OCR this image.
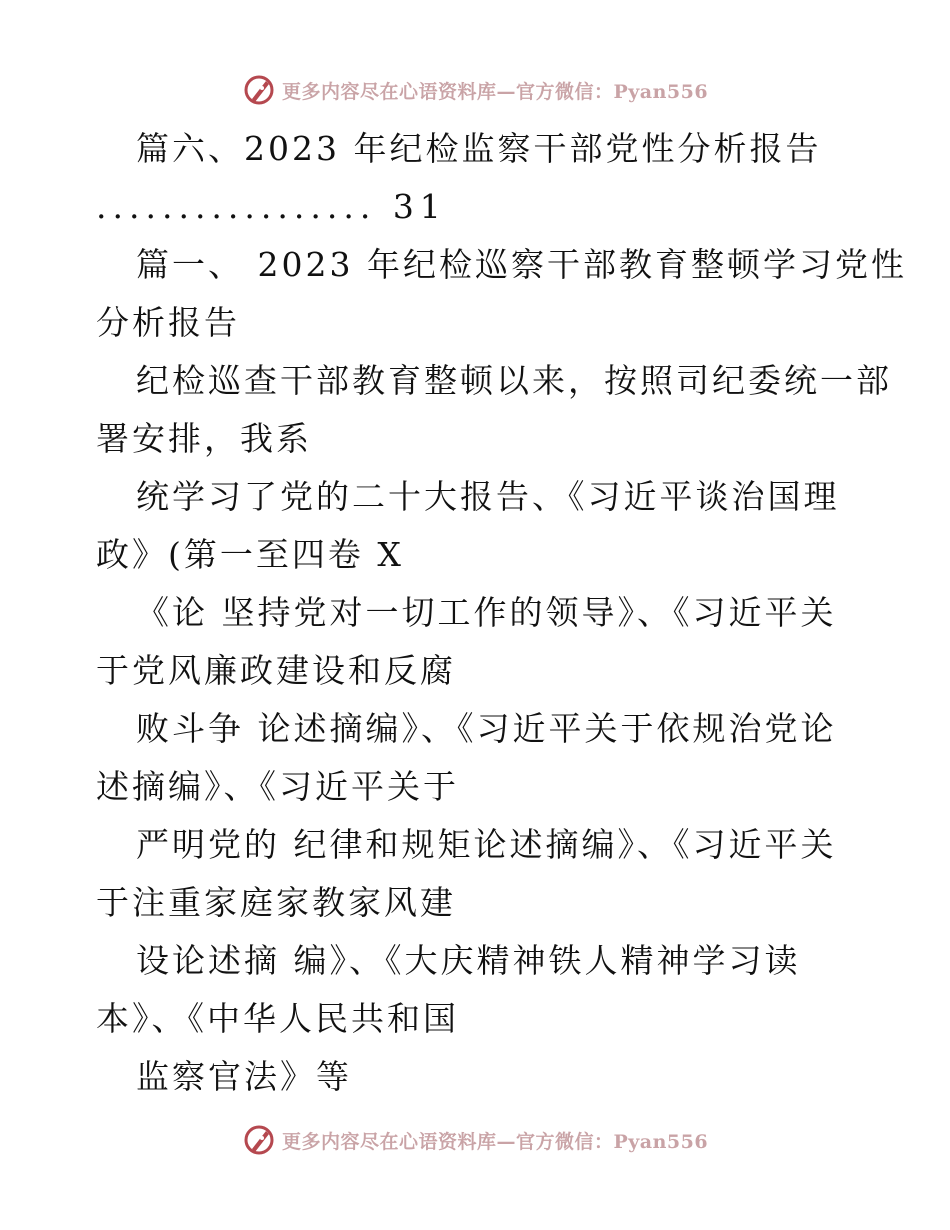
更多内容尽在心语资料库—官方微信：Pyan556
篇六、2023 年纪检监察干部党性分析报告
................. 31
篇一、 2023 年纪检巡察干部教育整顿学习党性
分析报告
纪检巡查干部教育整顿以来，按照司纪委统一部
署安排，我系
统学习了党的二十大报告、《习近平谈治国理
政》(第一至四卷 X
《论 坚持党对一切工作的领导》、《习近平关
于党风廉政建设和反腐
败斗争 论述摘编》、《习近平关于依规治党论
述摘编》、《习近平关于
严明党的 纪律和规矩论述摘编》、《习近平关
于注重家庭家教家风建
设论述摘 编》、《大庆精神铁人精神学习读
本》、《中华人民共和国
监察官法》等
更多内容尽在心语资料库—官方微信：Pyan556
